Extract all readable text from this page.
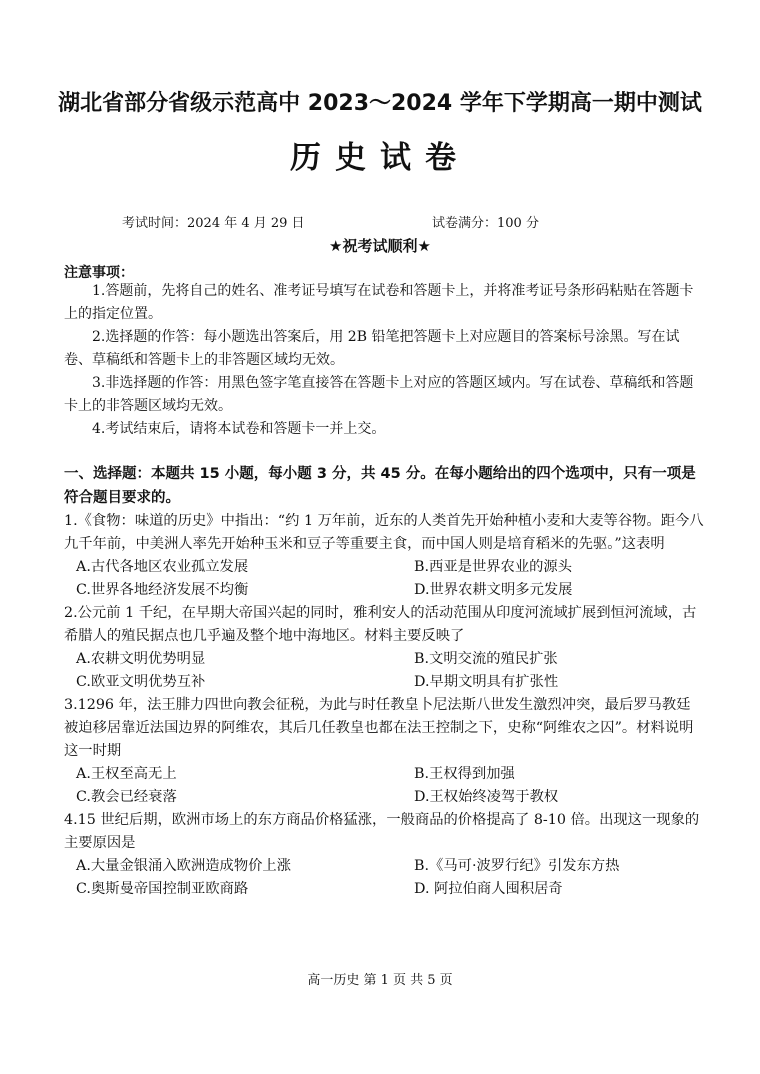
湖北省部分省级示范高中 2023～2024 学年下学期高一期中测试
历史试卷
考试时间：2024 年 4 月 29 日	试卷满分：100 分
★祝考试顺利★
注意事项：

1.答题前，先将自己的姓名、准考证号填写在试卷和答题卡上，并将准考证号条形码粘贴在答题卡上的指定位置。

2.选择题的作答：每小题选出答案后，用 2B 铅笔把答题卡上对应题目的答案标号涂黑。写在试卷、草稿纸和答题卡上的非答题区域均无效。

3.非选择题的作答：用黑色签字笔直接答在答题卡上对应的答题区域内。写在试卷、草稿纸和答题卡上的非答题区域均无效。

4.考试结束后，请将本试卷和答题卡一并上交。

一、选择题：本题共 15 小题，每小题 3 分，共 45 分。在每小题给出的四个选项中，只有一项是符合题目要求的。

1.《食物：味道的历史》中指出：“约 1 万年前，近东的人类首先开始种植小麦和大麦等谷物。距今八九千年前，中美洲人率先开始种玉米和豆子等重要主食，而中国人则是培育稻米的先驱。”这表明

A.古代各地区农业孤立发展	B.西亚是世界农业的源头
C.世界各地经济发展不均衡	D.世界农耕文明多元发展

2.公元前 1 千纪，在早期大帝国兴起的同时，雅利安人的活动范围从印度河流域扩展到恒河流域，古希腊人的殖民据点也几乎遍及整个地中海地区。材料主要反映了

A.农耕文明优势明显	B.文明交流的殖民扩张
C.欧亚文明优势互补	D.早期文明具有扩张性

3.1296 年，法王腓力四世向教会征税，为此与时任教皇卜尼法斯八世发生激烈冲突，最后罗马教廷被迫移居靠近法国边界的阿维农，其后几任教皇也都在法王控制之下，史称“阿维农之囚”。材料说明这一时期

A.王权至高无上	B.王权得到加强
C.教会已经衰落	D.王权始终凌驾于教权

4.15 世纪后期，欧洲市场上的东方商品价格猛涨，一般商品的价格提高了 8-10 倍。出现这一现象的主要原因是

A.大量金银涌入欧洲造成物价上涨	B.《马可·波罗行纪》引发东方热
C.奥斯曼帝国控制亚欧商路	D. 阿拉伯商人囤积居奇
高一历史 第 1 页 共 5 页
